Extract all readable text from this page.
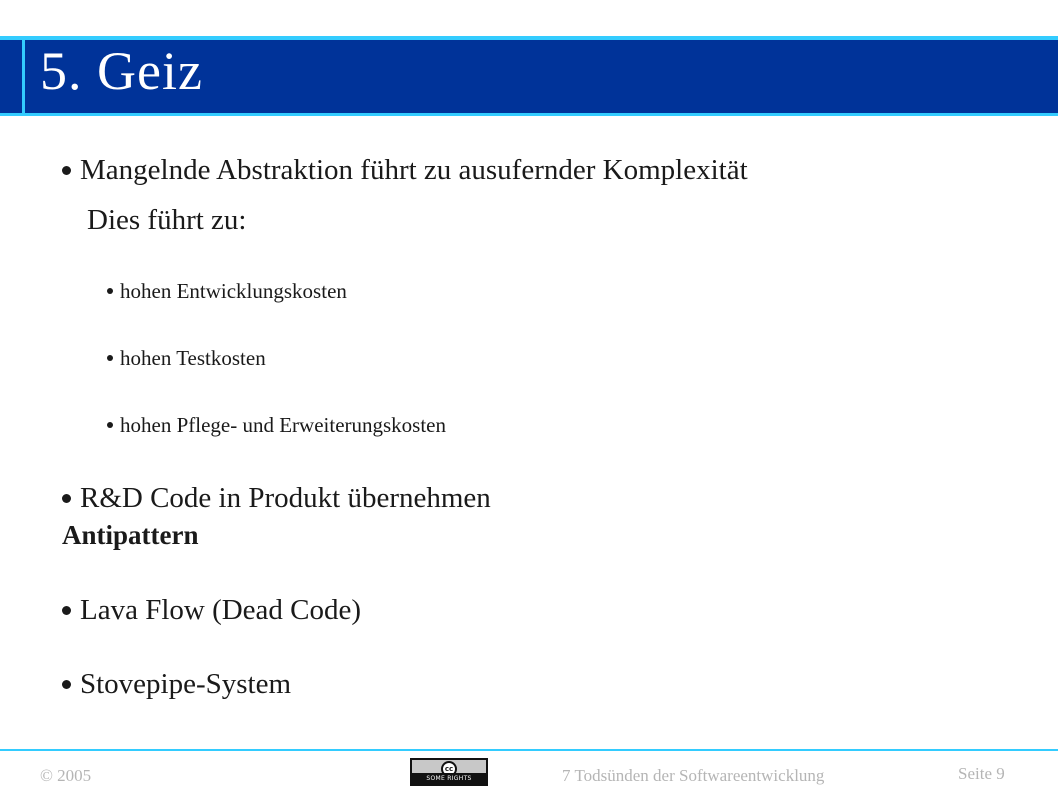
5. Geiz
Mangelnde Abstraktion führt zu ausufernder Komplexität
Dies führt zu:
hohen Entwicklungskosten
hohen Testkosten
hohen Pflege- und Erweiterungskosten
R&D Code in Produkt übernehmen
Antipattern
Lava Flow (Dead Code)
Stovepipe-System
© 2005	cc
SOME RIGHTS RESERVED
7 Todsünden der Softwareentwicklung	Seite 9
